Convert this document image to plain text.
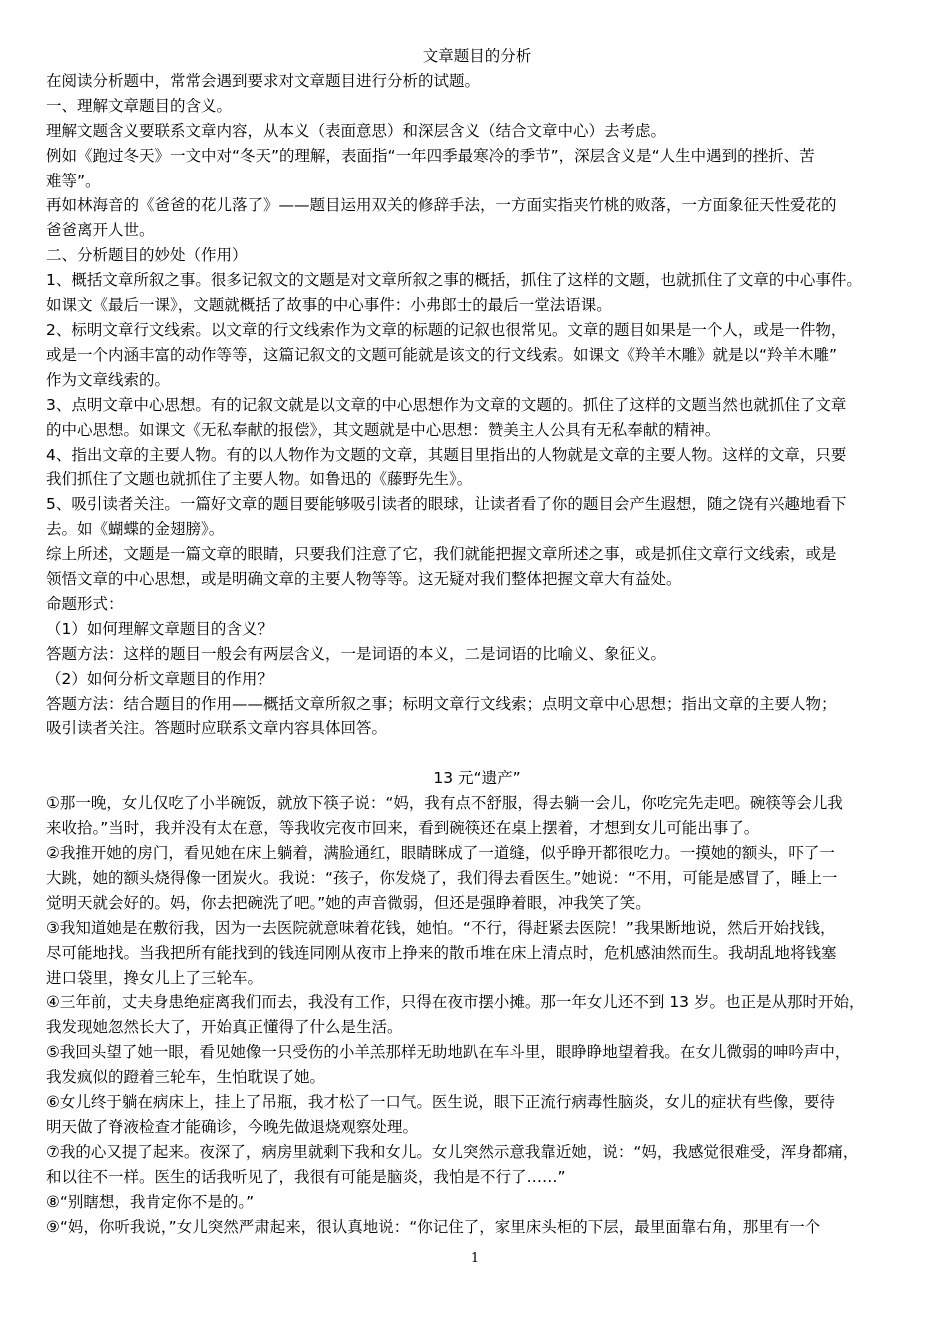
文章题目的分析
在阅读分析题中，常常会遇到要求对文章题目进行分析的试题。
一、理解文章题目的含义。
理解文题含义要联系文章内容，从本义（表面意思）和深层含义（结合文章中心）去考虑。
例如《跑过冬天》一文中对“冬天”的理解，表面指“一年四季最寒冷的季节”，深层含义是“人生中遇到的挫折、苦
难等”。
再如林海音的《爸爸的花儿落了》——题目运用双关的修辞手法，一方面实指夹竹桃的败落，一方面象征天性爱花的
爸爸离开人世。
二、分析题目的妙处（作用）
1、概括文章所叙之事。很多记叙文的文题是对文章所叙之事的概括，抓住了这样的文题，也就抓住了文章的中心事件。
如课文《最后一课》，文题就概括了故事的中心事件：小弗郎士的最后一堂法语课。
2、标明文章行文线索。以文章的行文线索作为文章的标题的记叙也很常见。文章的题目如果是一个人，或是一件物，
或是一个内涵丰富的动作等等，这篇记叙文的文题可能就是该文的行文线索。如课文《羚羊木雕》就是以“羚羊木雕”
作为文章线索的。
3、点明文章中心思想。有的记叙文就是以文章的中心思想作为文章的文题的。抓住了这样的文题当然也就抓住了文章
的中心思想。如课文《无私奉献的报偿》，其文题就是中心思想：赞美主人公具有无私奉献的精神。
4、指出文章的主要人物。有的以人物作为文题的文章，其题目里指出的人物就是文章的主要人物。这样的文章，只要
我们抓住了文题也就抓住了主要人物。如鲁迅的《藤野先生》。
5、吸引读者关注。一篇好文章的题目要能够吸引读者的眼球，让读者看了你的题目会产生遐想，随之饶有兴趣地看下
去。如《蝴蝶的金翅膀》。
综上所述，文题是一篇文章的眼睛，只要我们注意了它，我们就能把握文章所述之事，或是抓住文章行文线索，或是
领悟文章的中心思想，或是明确文章的主要人物等等。这无疑对我们整体把握文章大有益处。
命题形式：
（1）如何理解文章题目的含义？
答题方法：这样的题目一般会有两层含义，一是词语的本义，二是词语的比喻义、象征义。
（2）如何分析文章题目的作用？
答题方法：结合题目的作用——概括文章所叙之事；标明文章行文线索；点明文章中心思想；指出文章的主要人物；
吸引读者关注。答题时应联系文章内容具体回答。
13 元“遗产”
①那一晚，女儿仅吃了小半碗饭，就放下筷子说：“妈，我有点不舒服，得去躺一会儿，你吃完先走吧。碗筷等会儿我
来收拾。”当时，我并没有太在意，等我收完夜市回来，看到碗筷还在桌上摆着，才想到女儿可能出事了。
②我推开她的房门，看见她在床上躺着，满脸通红，眼睛眯成了一道缝，似乎睁开都很吃力。一摸她的额头，吓了一
大跳，她的额头烧得像一团炭火。我说：“孩子，你发烧了，我们得去看医生。”她说：“不用，可能是感冒了，睡上一
觉明天就会好的。妈，你去把碗洗了吧。”她的声音微弱，但还是强睁着眼，冲我笑了笑。
③我知道她是在敷衍我，因为一去医院就意味着花钱，她怕。“不行，得赶紧去医院！”我果断地说，然后开始找钱，
尽可能地找。当我把所有能找到的钱连同刚从夜市上挣来的散币堆在床上清点时，危机感油然而生。我胡乱地将钱塞
进口袋里，搀女儿上了三轮车。
④三年前，丈夫身患绝症离我们而去，我没有工作，只得在夜市摆小摊。那一年女儿还不到 13 岁。也正是从那时开始，
我发现她忽然长大了，开始真正懂得了什么是生活。
⑤我回头望了她一眼，看见她像一只受伤的小羊羔那样无助地趴在车斗里，眼睁睁地望着我。在女儿微弱的呻吟声中，
我发疯似的蹬着三轮车，生怕耽误了她。
⑥女儿终于躺在病床上，挂上了吊瓶，我才松了一口气。医生说，眼下正流行病毒性脑炎，女儿的症状有些像，要待
明天做了脊液检查才能确诊，今晚先做退烧观察处理。
⑦我的心又提了起来。夜深了，病房里就剩下我和女儿。女儿突然示意我靠近她，说：“妈，我感觉很难受，浑身都痛，
和以往不一样。医生的话我听见了，我很有可能是脑炎，我怕是不行了……”
⑧“别瞎想，我肯定你不是的。”
⑨“妈，你听我说，”女儿突然严肃起来，很认真地说：“你记住了，家里床头柜的下层，最里面靠右角，那里有一个
1
